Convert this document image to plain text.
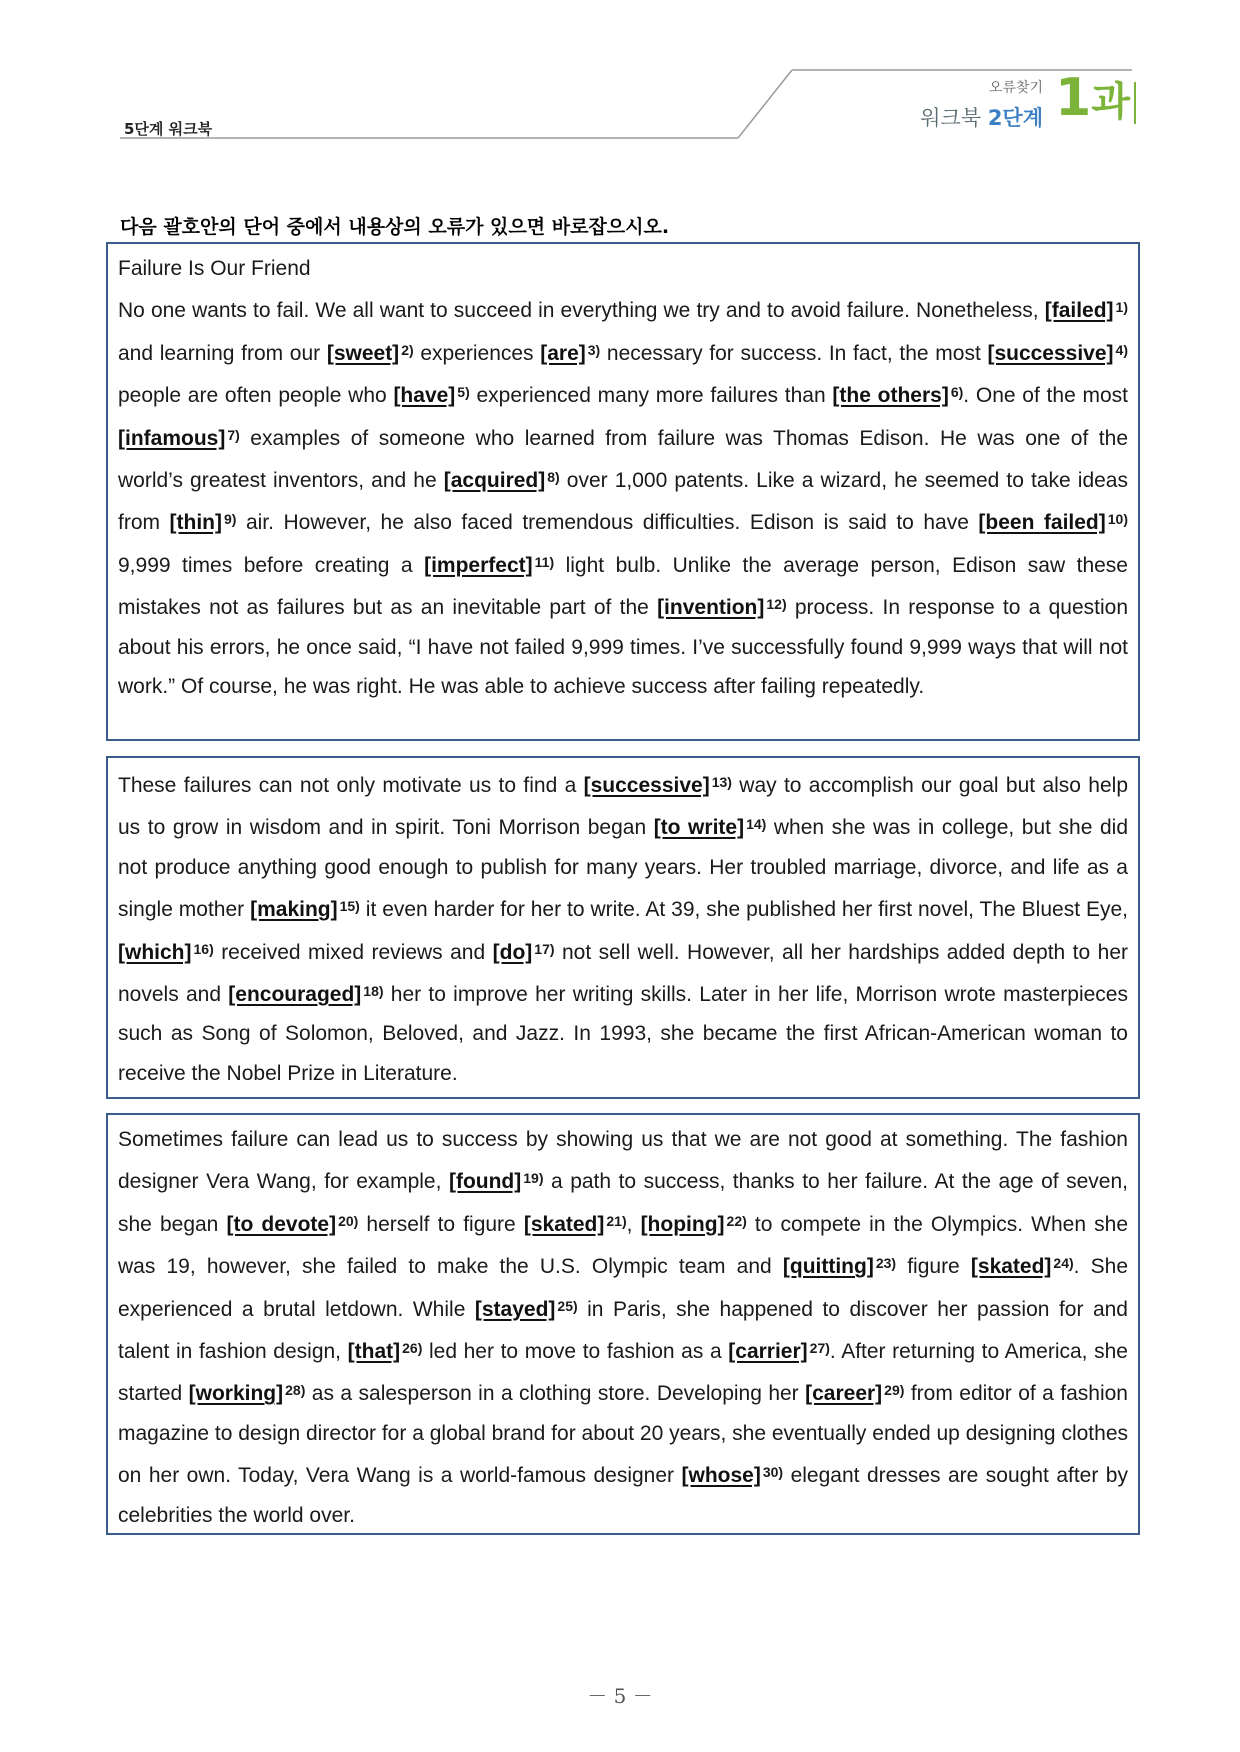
5단계 워크북
오류찾기
워크북 2단계 1과
다음 괄호안의 단어 중에서 내용상의 오류가 있으면 바로잡으시오.
Failure Is Our Friend
No one wants to fail. We all want to succeed in everything we try and to avoid failure. Nonetheless, [failed] $^{1)}$ and learning from our [sweet] $^{2)}$ experiences [are] $^{3)}$ necessary for success. In fact, the most [successive] $^{4)}$ people are often people who [have] $^{5)}$ experienced many more failures than [the others] $^{6)}$. One of the most [infamous] $^{7)}$ examples of someone who learned from failure was Thomas Edison. He was one of the world’s greatest inventors, and he [acquired] $^{8)}$ over 1,000 patents. Like a wizard, he seemed to take ideas from [thin] $^{9)}$ air. However, he also faced tremendous difficulties. Edison is said to have [been failed] $^{10)}$ 9,999 times before creating a [imperfect] $^{11)}$ light bulb. Unlike the average person, Edison saw these mistakes not as failures but as an inevitable part of the [invention] $^{12)}$ process. In response to a question about his errors, he once said, “I have not failed 9,999 times. I’ve successfully found 9,999 ways that will not work.” Of course, he was right. He was able to achieve success after failing repeatedly.
These failures can not only motivate us to find a [successive] $^{13)}$ way to accomplish our goal but also help us to grow in wisdom and in spirit. Toni Morrison began [to write] $^{14)}$ when she was in college, but she did not produce anything good enough to publish for many years. Her troubled marriage, divorce, and life as a single mother [making] $^{15)}$ it even harder for her to write. At 39, she published her first novel, The Bluest Eye, [which] $^{16)}$ received mixed reviews and [do] $^{17)}$ not sell well. However, all her hardships added depth to her novels and [encouraged] $^{18)}$ her to improve her writing skills. Later in her life, Morrison wrote masterpieces such as Song of Solomon, Beloved, and Jazz. In 1993, she became the first African-American woman to receive the Nobel Prize in Literature.
Sometimes failure can lead us to success by showing us that we are not good at something. The fashion designer Vera Wang, for example, [found] $^{19)}$ a path to success, thanks to her failure. At the age of seven, she began [to devote] $^{20)}$ herself to figure [skated] $^{21)}$, [hoping] $^{22)}$ to compete in the Olympics. When she was 19, however, she failed to make the U.S. Olympic team and [quitting] $^{23)}$ figure [skated] $^{24)}$. She experienced a brutal letdown. While [stayed] $^{25)}$ in Paris, she happened to discover her passion for and talent in fashion design, [that] $^{26)}$ led her to move to fashion as a [carrier] $^{27)}$. After returning to America, she started [working] $^{28)}$ as a salesperson in a clothing store. Developing her [career] $^{29)}$ from editor of a fashion magazine to design director for a global brand for about 20 years, she eventually ended up designing clothes on her own. Today, Vera Wang is a world-famous designer [whose] $^{30)}$ elegant dresses are sought after by celebrities the world over.
－ 5 －
